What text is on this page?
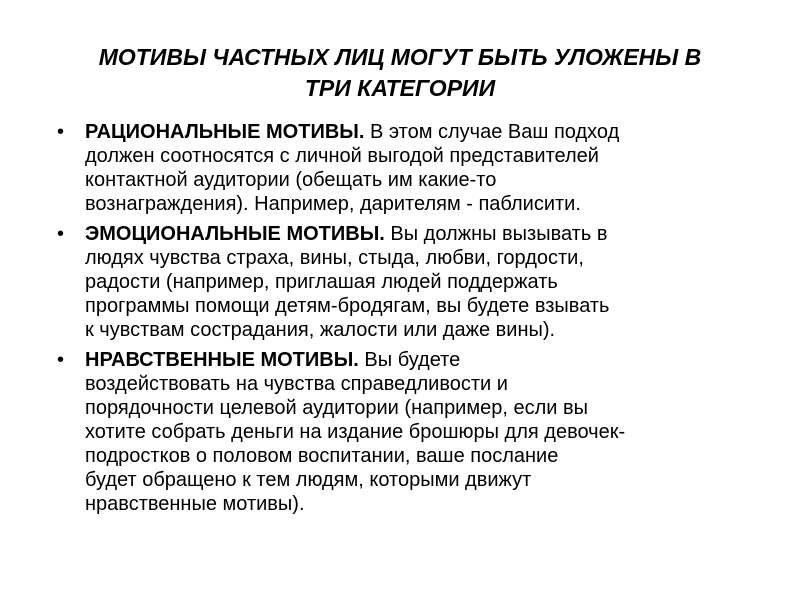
МОТИВЫ ЧАСТНЫХ ЛИЦ МОГУТ БЫТЬ УЛОЖЕНЫ В
ТРИ КАТЕГОРИИ
• РАЦИОНАЛЬНЫЕ МОТИВЫ. В этом случае Ваш подход
должен соотносятся с личной выгодой представителей
контактной аудитории (обещать им какие-то
вознаграждения). Например, дарителям - паблисити.
• ЭМОЦИОНАЛЬНЫЕ МОТИВЫ. Вы должны вызывать в
людях чувства страха, вины, стыда, любви, гордости,
радости (например, приглашая людей поддержать
программы помощи детям-бродягам, вы будете взывать
к чувствам сострадания, жалости или даже вины).
• НРАВСТВЕННЫЕ МОТИВЫ. Вы будете
воздействовать на чувства справедливости и
порядочности целевой аудитории (например, если вы
хотите собрать деньги на издание брошюры для девочек-
подростков о половом воспитании, ваше послание
будет обращено к тем людям, которыми движут
нравственные мотивы).
